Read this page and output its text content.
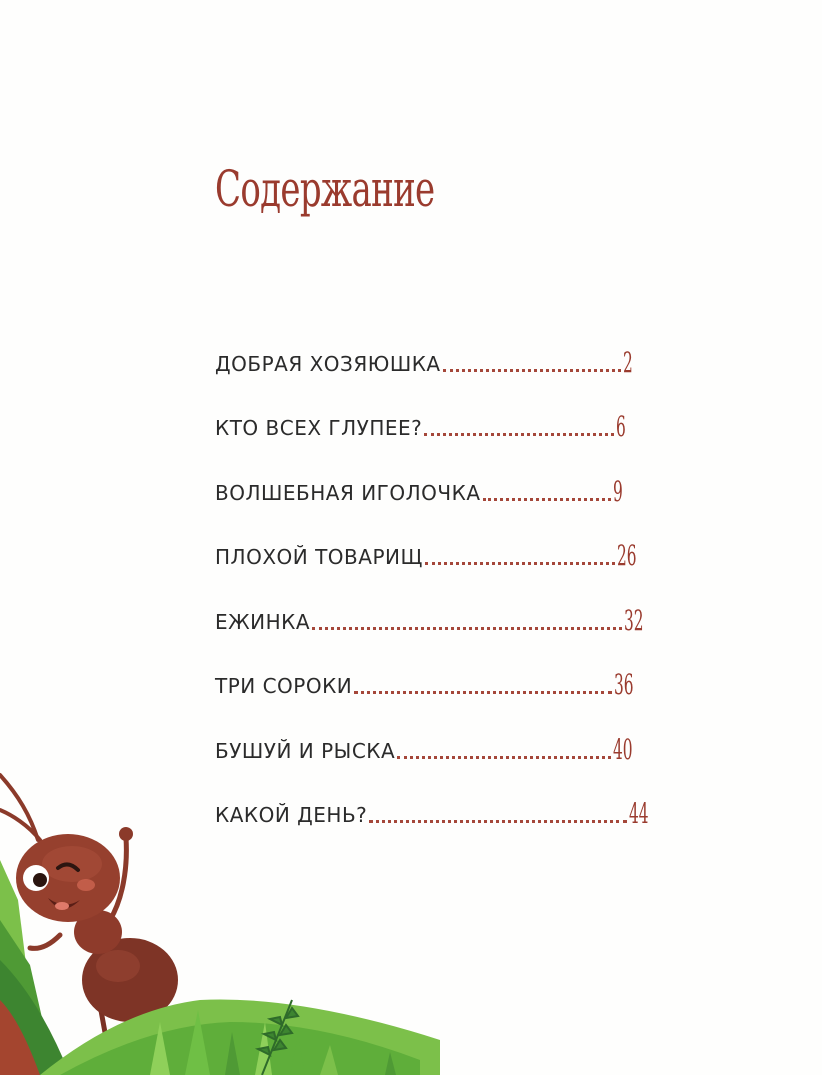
Содержание
ДОБРАЯ ХОЗЯЮШКА	2
КТО ВСЕХ ГЛУПЕЕ?	6
ВОЛШЕБНАЯ ИГОЛОЧКА	9
ПЛОХОЙ ТОВАРИЩ	26
ЕЖИНКА	32
ТРИ СОРОКИ	36
БУШУЙ И РЫСКА	40
КАКОЙ ДЕНЬ?	44
